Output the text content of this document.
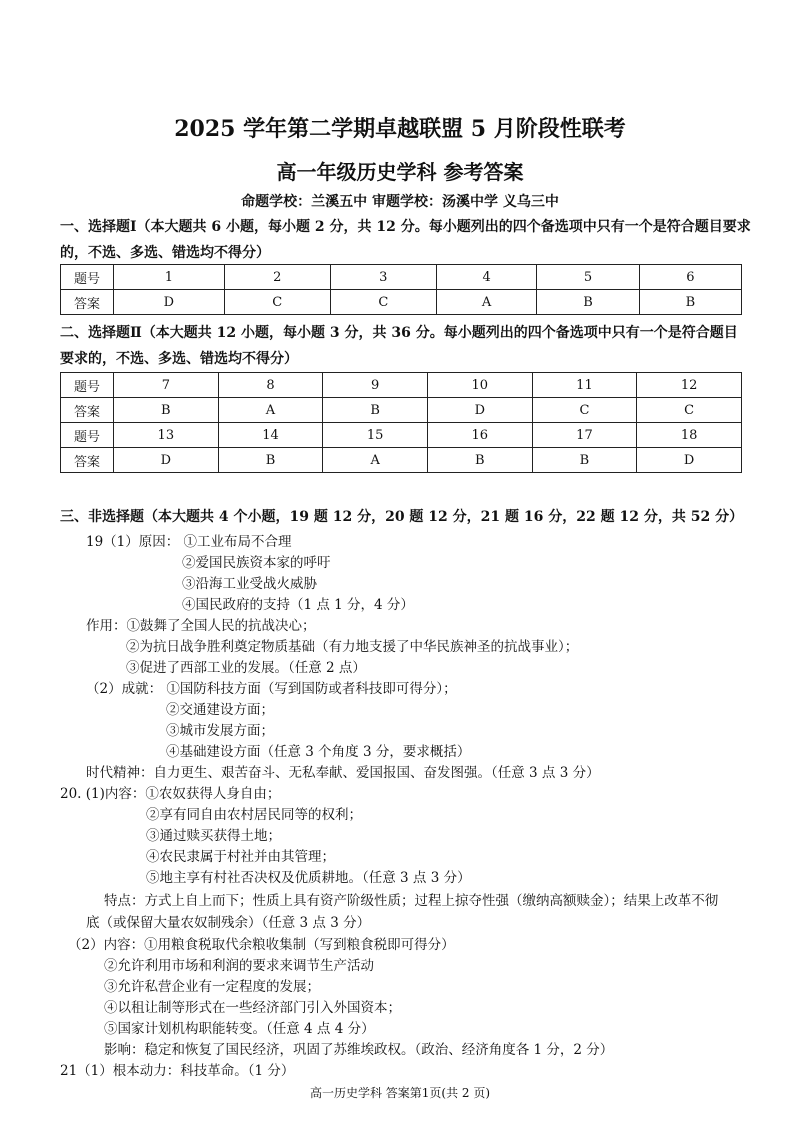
2025 学年第二学期卓越联盟 5 月阶段性联考
高一年级历史学科 参考答案
命题学校：兰溪五中 审题学校：汤溪中学 义乌三中
一、选择题Ⅰ（本大题共 6 小题，每小题 2 分，共 12 分。每小题列出的四个备选项中只有一个是符合题目要求
的，不选、多选、错选均不得分）
题号	1	2	3	4	5	6
答案	D	C	C	A	B	B
二、选择题Ⅱ（本大题共 12 小题，每小题 3 分，共 36 分。每小题列出的四个备选项中只有一个是符合题目
要求的，不选、多选、错选均不得分）
题号	7	8	9	10	11	12
答案	B	A	B	D	C	C
题号	13	14	15	16	17	18
答案	D	B	A	B	B	D
三、非选择题（本大题共 4 个小题，19 题 12 分，20 题 12 分，21 题 16 分，22 题 12 分，共 52 分）
19（1）原因： ①工业布局不合理
②爱国民族资本家的呼吁
③沿海工业受战火威胁
④国民政府的支持（1 点 1 分，4 分）
作用：①鼓舞了全国人民的抗战决心；
②为抗日战争胜利奠定物质基础（有力地支援了中华民族神圣的抗战事业）；
③促进了西部工业的发展。（任意 2 点）
（2）成就： ①国防科技方面（写到国防或者科技即可得分）；
②交通建设方面；
③城市发展方面；
④基础建设方面（任意 3 个角度 3 分，要求概括）
时代精神：自力更生、艰苦奋斗、无私奉献、爱国报国、奋发图强。（任意 3 点 3 分）
20. (1)内容：①农奴获得人身自由；
②享有同自由农村居民同等的权利；
③通过赎买获得土地；
④农民隶属于村社并由其管理；
⑤地主享有村社否决权及优质耕地。（任意 3 点 3 分）
特点：方式上自上而下；性质上具有资产阶级性质；过程上掠夺性强（缴纳高额赎金）；结果上改革不彻
底（或保留大量农奴制残余）（任意 3 点 3 分）
（2）内容：①用粮食税取代余粮收集制（写到粮食税即可得分）
②允许利用市场和利润的要求来调节生产活动
③允许私营企业有一定程度的发展；
④以租让制等形式在一些经济部门引入外国资本；
⑤国家计划机构职能转变。（任意 4 点 4 分）
影响：稳定和恢复了国民经济，巩固了苏维埃政权。（政治、经济角度各 1 分，2 分）
21（1）根本动力：科技革命。（1 分）
高一历史学科 答案第1页(共 2 页)
